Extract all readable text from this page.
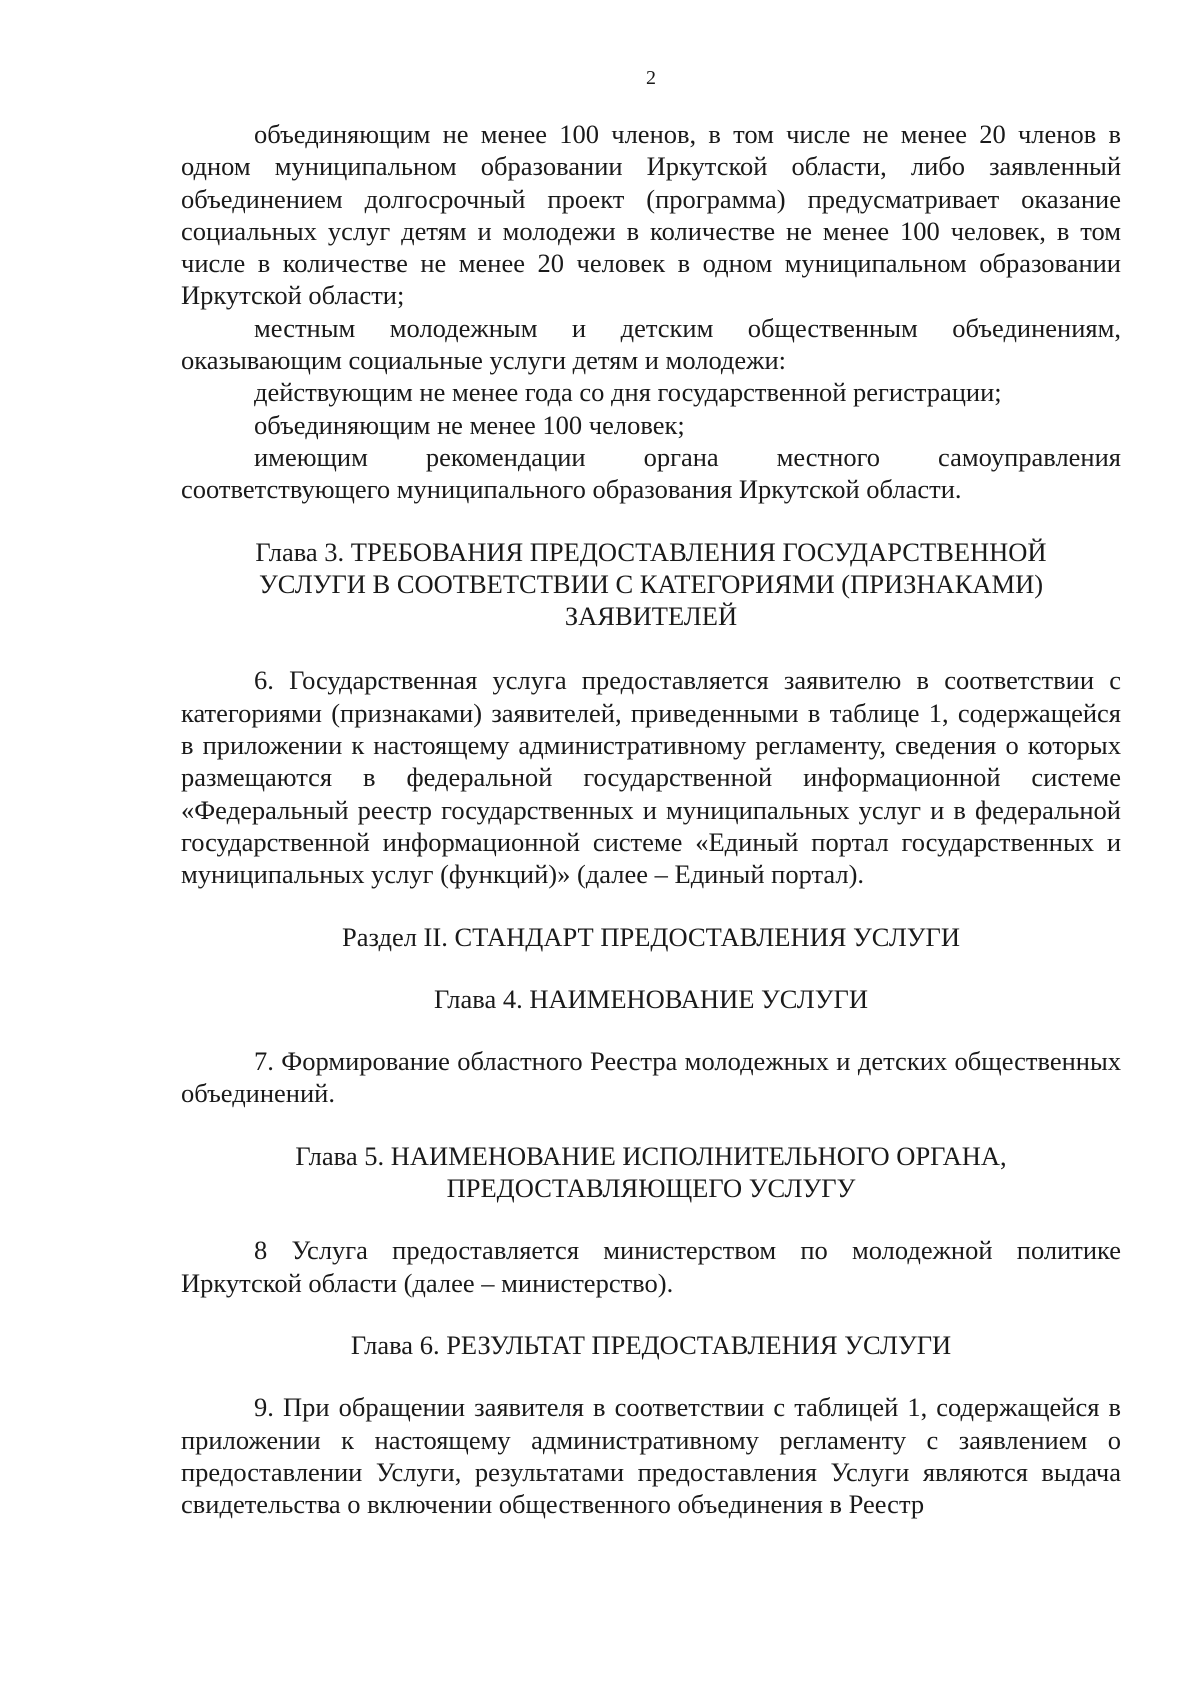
2

объединяющим не менее 100 членов, в том числе не менее 20 членов в одном муниципальном образовании Иркутской области, либо заявленный объединением долгосрочный проект (программа) предусматривает оказание социальных услуг детям и молодежи в количестве не менее 100 человек, в том числе в количестве не менее 20 человек в одном муниципальном образовании Иркутской области;

местным молодежным и детским общественным объединениям, оказывающим социальные услуги детям и молодежи:

действующим не менее года со дня государственной регистрации;

объединяющим не менее 100 человек;

имеющим рекомендации органа местного самоуправления соответствующего муниципального образования Иркутской области.

Глава 3. ТРЕБОВАНИЯ ПРЕДОСТАВЛЕНИЯ ГОСУДАРСТВЕННОЙ

УСЛУГИ В СООТВЕТСТВИИ С КАТЕГОРИЯМИ (ПРИЗНАКАМИ)

ЗАЯВИТЕЛЕЙ

6. Государственная услуга предоставляется заявителю в соответствии с категориями (признаками) заявителей, приведенными в таблице 1, содержащейся в приложении к настоящему административному регламенту, сведения о которых размещаются в федеральной государственной информационной системе «Федеральный реестр государственных и муниципальных услуг и в федеральной государственной информационной системе «Единый портал государственных и муниципальных услуг (функций)» (далее – Единый портал).

Раздел II. СТАНДАРТ ПРЕДОСТАВЛЕНИЯ УСЛУГИ

Глава 4. НАИМЕНОВАНИЕ УСЛУГИ

7. Формирование областного Реестра молодежных и детских общественных объединений.

Глава 5. НАИМЕНОВАНИЕ ИСПОЛНИТЕЛЬНОГО ОРГАНА,

ПРЕДОСТАВЛЯЮЩЕГО УСЛУГУ

8 Услуга предоставляется министерством по молодежной политике Иркутской области (далее – министерство).

Глава 6. РЕЗУЛЬТАТ ПРЕДОСТАВЛЕНИЯ УСЛУГИ

9. При обращении заявителя в соответствии с таблицей 1, содержащейся в приложении к настоящему административному регламенту с заявлением о предоставлении Услуги, результатами предоставления Услуги являются выдача свидетельства о включении общественного объединения в Реестр
